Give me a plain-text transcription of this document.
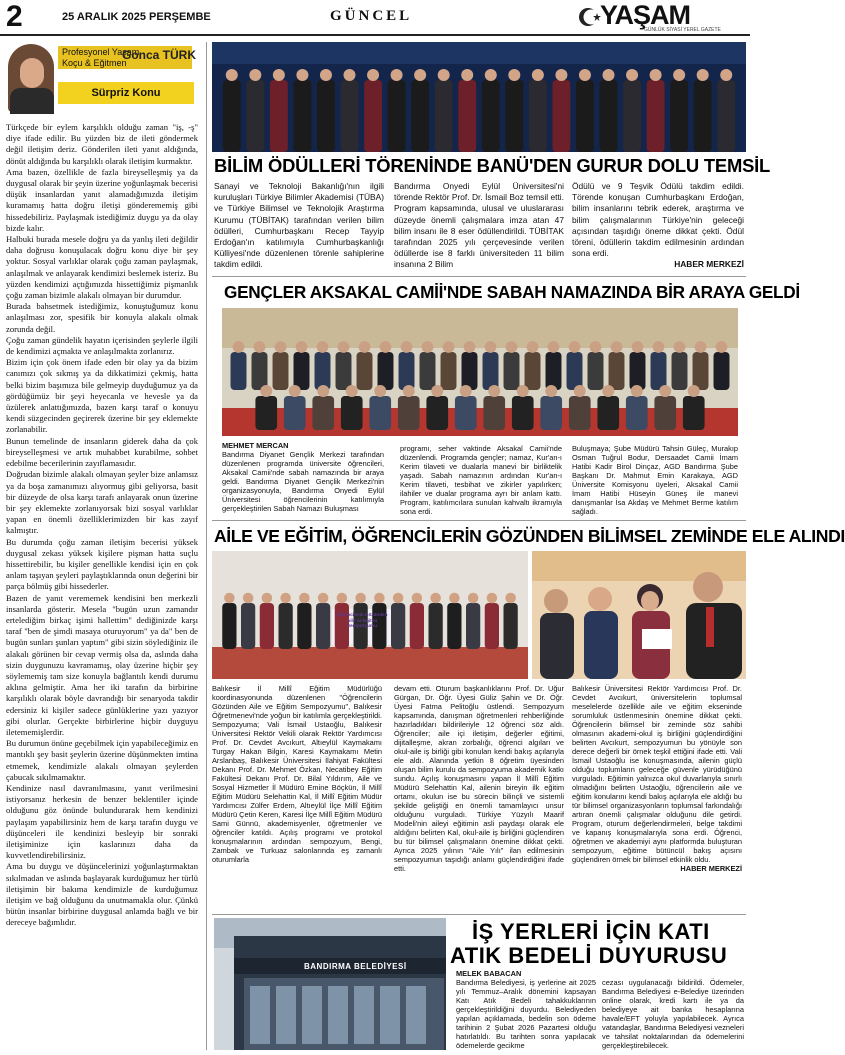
2	25 ARALIK 2025 PERŞEMBE	GÜNCEL	YAŞAM
GÜNLÜK SİYASİ YEREL GAZETE
Profesyonel Yaşam
Koçu & Eğitmen
Gonca TÜRK
Sürpriz Konu

Türkçede bir eylem karşılıklı olduğu zaman "iş, -ş" diye ifade edilir. Bu yüzden biz de ileti göndermek değil iletişim deriz. Gönderilen ileti yanıt aldığında, dönüt aldığında bu karşılıklı olarak iletişim kurmaktır.

Ama bazen, özellikle de fazla bireyselleşmiş ya da duygusal olarak bir şeyin üzerine yoğunlaşmak becerisi düşük insanlardan yanıt alamadığımızda iletişim kuramamış hatta doğru iletişi gönderememiş gibi hissedebiliriz. Paylaşmak istediğimiz duygu ya da olay bizde kalır.

Halbuki burada mesele doğru ya da yanlış ileti değildir daha doğrusu konuşulacak doğru konu diye bir şey yoktur. Sosyal varlıklar olarak çoğu zaman paylaşmak, anlaşılmak ve anlayarak kendimizi beslemek isteriz. Bu yüzden kendimizi açtığımızda hissettiğimiz pişmanlık çoğu zaman bizimle alakalı olmayan bir durumdur.

Burada bahsetmek istediğimiz, konuştuğumuz konu anlaşılması zor, spesifik bir konuyla alakalı olmak zorunda değil.

Çoğu zaman gündelik hayatın içerisinden şeylerle ilgili de kendimizi açmakta ve anlaşılmakta zorlanırız.

Bizim için çok önem ifade eden bir olay ya da bizim canımızı çok sıkmış ya da dikkatimizi çekmiş, hatta belki bizim başımıza bile gelmeyip duyduğumuz ya da gördüğümüz bir şeyi heyecanla ve heveslе ya da üzülerek anlattığımızda, bazen karşı taraf o konuyu kendi süzgecinden geçirerek üzerine bir şey eklemekte zorlanabilir.

Bunun temelinde de insanların giderek daha da çok bireyselleşmesi ve artık muhabbet kurabilme, sohbet edebilme becerilerinin zayıflamasıdır.

Doğrudan bizimle alakalı olmayan şeyler bize anlamsız ya da boşa zamanımızı alıyormuş gibi geliyorsa, basit bir düzeyde de olsa karşı tarafı anlayarak onun üzerine bir şey eklemekte zorlanıyorsak bizi sosyal varlıklar yapan en önemli özelliklerimizden bir kas zayıf kalmıştır.

Bu durumda çoğu zaman iletişim becerisi yüksek duygusal zekası yüksek kişilere pişman hatta suçlu hissettirebilir, bu kişiler genellikle kendisi için en çok anlam taşıyan şeyleri paylaştıklarında onun değerini bir parça bölmüş gibi hissederler.

Bazen de yanıt verememek kendisini ben merkezli insanlarda gösterir. Mesela "bugün uzun zamandır ertelediğim birkaç işimi hallettim" dediğinizde karşı taraf "ben de şimdi masaya oturuyorum" ya da" ben de bugün sunları şunları yaptım" gibi sizin söylediğiniz ile alakalı görünen bir cevap vermiş olsa da, aslında daha sizin duygunuzu kavramamış, olay üzerine hiçbir şey söylememiş tam size konuyla bağlantılı kendi durumu aklına gelmiştir. Ama her iki tarafın da birbirine karşılıklı olarak böyle davrandığı bir senaryoda takdir edersiniz ki kişiler sadece günlüklerine yazı yazıyor gibi olurlar. Gerçekte birbirlerine hiçbir duyguyu iletememişlerdir.

Bu durumun önüne geçebilmek için yapabileceğimiz en mantıklı şey basit şeylerin üzerine düşünmekten imtina etmemek, kendimizle alakalı olmayan şeylerden çabucak sıkılmamaktır.

Kendinize nasıl davranılmasını, yanıt verilmesini istiyorsanız herkesin de benzer beklentiler içinde olduğunu göz önünde bulundurarak hem kendinizi paylaşım yapabilirsiniz hem de karşı tarafın duygu ve düşünceleri ile kendinizi besleyip bir sonraki iletişiminize için kaslarınızı daha da kuvvetlendirebilirsiniz.

Ama bu duygu ve düşüncelerinizi yoğunlaştırmaktan sıkılmadan ve aslında başlayarak kurduğumuz her türlü iletişimin bir bakıma kendimizle de kurduğumuz iletişim ve bağ olduğunu da unutmamakla olur. Çünkü bütün insanlar birbirine duygusal anlamda bağlı ve bir dereceye bağımlıdır.

BİLİM ÖDÜLLERİ TÖRENİNDE BANÜ'DEN GURUR DOLU TEMSİL
Sanayi ve Teknoloji Bakanlığı'nın ilgili kuruluşları Türkiye Bilimler Akademisi (TÜBA) ve Türkiye Bilimsel ve Teknolojik Araştırma Kurumu (TÜBİTAK) tarafından verilen bilim ödülleri, Cumhurbaşkanı Recep Tayyip Erdoğan'ın katılımıyla Cumhurbaşkanlığı Külliyesi'nde düzenlenen törenle sahiplerine takdim edildi.
Bandırma Onyedi Eylül Üniversitesi'ni törende Rektör Prof. Dr. İsmail Boz temsil etti. Program kapsamında, ulusal ve uluslararası düzeyde önemli çalışmalara imza atan 47 bilim insanı ile 8 eser ödüllendirildi. TÜBİTAK tarafından 2025 yılı çerçevesinde verilen ödüllerde ise 8 farklı üniversiteden 11 bilim insanına 2 Bilim
Ödülü ve 9 Teşvik Ödülü takdim edildi. Törende konuşan Cumhurbaşkanı Erdoğan, bilim insanlarını tebrik ederek, araştırma ve bilim çalışmalarının Türkiye'nin geleceği açısından taşıdığı öneme dikkat çekti. Ödül töreni, ödüllerin takdim edilmesinin ardından sona erdi.
HABER MERKEZİ
GENÇLER AKSAKAL CAMİİ'NDE SABAH NAMAZINDA BİR ARAYA GELDİ
MEHMET MERCAN
Bandırma Diyanet Gençlik Merkezi tarafından düzenlenen programda üniversite öğrencileri, Aksakal Camii'nde sabah namazında bir araya geldi. Bandırma Diyanet Gençlik Merkezi'nin organizasyonuyla, Bandırma Onyedi Eylül Üniversitesi öğrencilerinin katılımıyla gerçekleştirilen Sabah Namazı Buluşması
programı, seher vaktinde Aksakal Camii'nde düzenlendi. Programda gençler; namaz, Kur'an-ı Kerim tilaveti ve dualarla manevi bir birliktelik yaşadı. Sabah namazının ardından Kur'an-ı Kerim tilaveti, tesbihat ve zikirler yapılırken; ilahiler ve dualar programa ayrı bir anlam kattı. Program, katılımcılara sunulan kahvaltı ikramıyla sona erdi.
Buluşmaya; Şube Müdürü Tahsin Güleç, Murakıp Osman Tuğrul Bodur, Dersaadet Camii İmam Hatibi Kadir Birol Dinçaz, AGD Bandırma Şube Başkanı Dr. Mahmut Emin Karakaya, AGD Üniversite Komisyonu üyeleri, Aksakal Camii İmam Hatibi Hüseyin Güneş ile manevi danışmanlar İsa Akdaş ve Mehmet Berme katılım sağladı.
AİLE VE EĞİTİM, ÖĞRENCİLERİN GÖZÜNDEN BİLİMSEL ZEMİNDE ELE ALINDI
Öğrencilerin Gözünden Aile ve Eğitim Sempozyumu
Balıkesir İl Millî Eğitim Müdürlüğü koordinasyonunda düzenlenen "Öğrencilerin Gözünden Aile ve Eğitim Sempozyumu", Balıkesir Öğretmenevi'nde yoğun bir katılımla gerçekleştirildi. Sempozyuma; Vali İsmail Ustaoğlu, Balıkesir Üniversitesi Rektör Vekili olarak Rektör Yardımcısı Prof. Dr. Cevdet Avcıkurt, Altıeylül Kaymakamı Turgay Hakan Bilgin, Karesi Kaymakamı Metin Arslanbaş, Balıkesir Üniversitesi İlahiyat Fakültesi Dekanı Prof. Dr. Mehmet Özkan, Necatibey Eğitim Fakültesi Dekanı Prof. Dr. Bilal Yıldırım, Aile ve Sosyal Hizmetler İl Müdürü Emine Böçkün, İl Millî Eğitim Müdürü Selehattin Kal, İl Millî Eğitim Müdür Yardımcısı Zülfer Erdem, Altıeylül İlçe Millî Eğitim Müdürü Çetin Keren, Karesi İlçe Millî Eğitim Müdürü Sami Günnü, akademisyenler, öğretmenler ve öğrenciler katıldı. Açılış programı ve protokol konuşmalarının ardından sempozyum, Bengi, Zambak ve Turkuaz salonlarında eş zamanlı oturumlarla
devam etti. Oturum başkanlıklarını Prof. Dr. Uğur Gürgan, Dr. Öğr. Üyesi Güliz Şahin ve Dr. Öğr. Üyesi Fatma Pelitoğlu üstlendi. Sempozyum kapsamında, danışman öğretmenleri rehberliğinde hazırladıkları bildirileriyle 12 öğrenci söz aldı. Öğrenciler; aile içi iletişim, değerler eğitimi, dijitalleşme, akran zorbalığı, öğrenci algıları ve okul-aile iş birliği gibi konuları kendi bakış açılarıyla ele aldı. Alanında yetkin 8 öğretim üyesinden oluşan bilim kurulu da sempozyuma akademik katkı sundu. Açılış konuşmasını yapan İl Millî Eğitim Müdürü Selehattin Kal, ailenin bireyin ilk eğitim ortamı, okulun ise bu sürecin bilinçli ve sistemli şekilde geliştiği en önemli tamamlayıcı unsur olduğunu vurguladı. Türkiye Yüzyılı Maarif Modeli'nin aileyi eğitimin asli paydaşı olarak ele aldığını belirten Kal, okul-aile iş birliğini güçlendiren bu tür bilimsel çalışmaların önemine dikkat çekti. Ayrıca 2025 yılının "Aile Yılı" ilan edilmesinin sempozyumun taşıdığı anlamı güçlendirdiğini ifade etti.
Balıkesir Üniversitesi Rektör Yardımcısı Prof. Dr. Cevdet Avcıkurt, üniversitelerin toplumsal meselelerde özellikle aile ve eğitim ekseninde sorumluluk üstlenmesinin önemine dikkat çekti. Öğrencilerin bilimsel bir zeminde söz sahibi olmasının akademi-okul iş birliğini güçlendirdiğini belirten Avcıkurt, sempozyumun bu yönüyle son derece değerli bir örnek teşkil ettiğini ifade etti. Vali İsmail Ustaoğlu ise konuşmasında, ailenin güçlü olduğu toplumların geleceğe güvenle yürüdüğünü vurguladı. Eğitimin yalnızca okul duvarlarıyla sınırlı olmadığını belirten Ustaoğlu, öğrencilerin aile ve eğitim konularını kendi bakış açılarıyla ele aldığı bu tür bilimsel organizasyonların toplumsal farkındalığı artıran önemli çalışmalar olduğunu dile getirdi. Program, oturum değerlendirmeleri, belge takdimi ve kapanış konuşmalarıyla sona erdi. Öğrenci, öğretmen ve akademiyi aynı platformda buluşturan sempozyum, eğitime bütüncül bakış açısını güçlendiren örnek bir bilimsel etkinlik oldu.
HABER MERKEZİ
BANDIRMA BELEDİYESİ
İŞ YERLERİ İÇİN KATI
ATIK BEDELİ DUYURUSU
MELEK BABACAN
Bandırma Belediyesi, iş yerlerine ait 2025 yılı Temmuz–Aralık dönemini kapsayan Katı Atık Bedeli tahakkuklarının gerçekleştirildiğini duyurdu. Belediyeden yapılan açıklamada, bedelin son ödeme tarihinin 2 Şubat 2026 Pazartesi olduğu hatırlatıldı. Bu tarihten sonra yapılacak ödemelerde gecikme
cezası uygulanacağı bildirildi. Ödemeler, Bandırma Belediyesi e-Belediye üzerinden online olarak, kredi kartı ile ya da belediyeye ait banka hesaplarına havale/EFT yoluyla yapılabilecek. Ayrıca vatandaşlar, Bandırma Belediyesi veznelerі ve tahsilat noktalarından da ödemelerini gerçekleştirebilecek.
